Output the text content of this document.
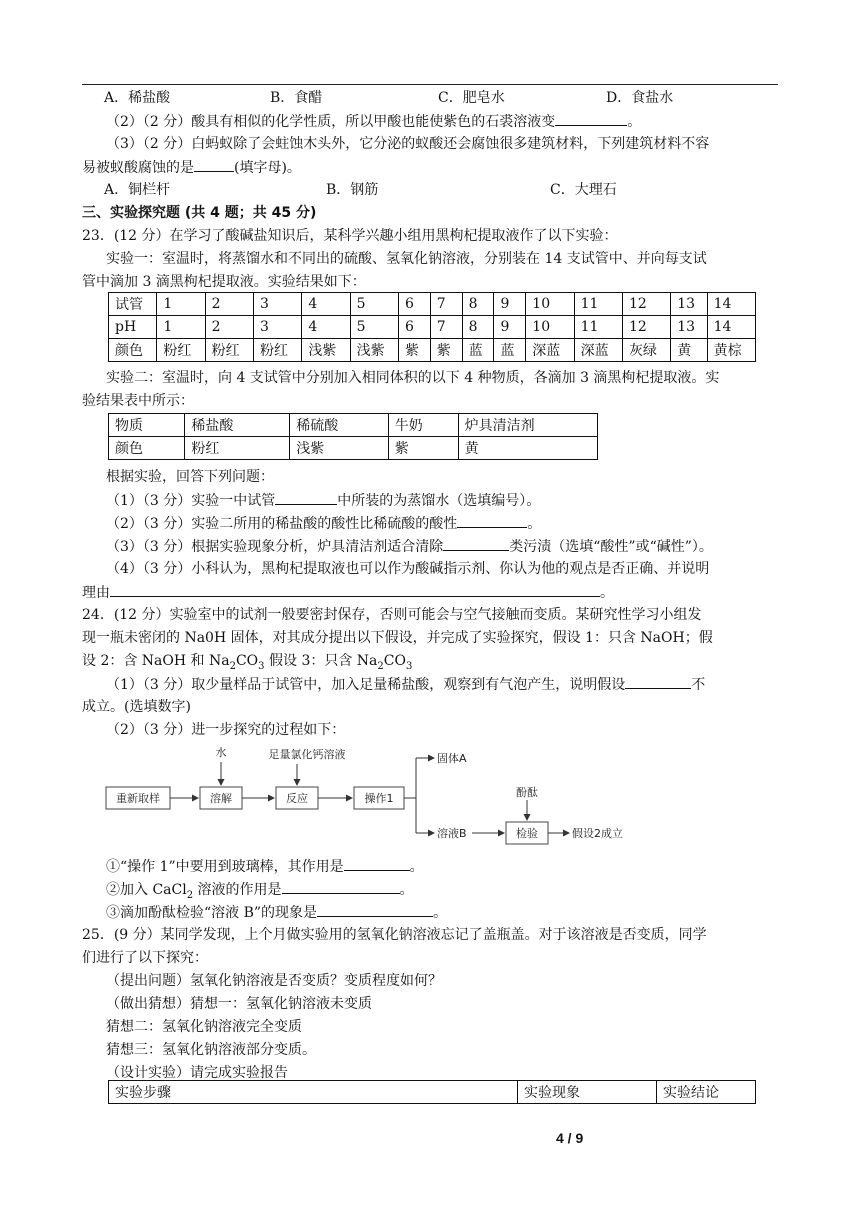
A．稀盐酸	B．食醋	C．肥皂水	D．食盐水
（2）（2 分）酸具有相似的化学性质，所以甲酸也能使紫色的石裘溶液变	。
（3）（2 分）白蚂蚁除了会蛀蚀木头外，它分泌的蚁酸还会腐蚀很多建筑材料，下列建筑材料不容
易被蚁酸腐蚀的是	(填字母)。
A．铜栏杆	B．钢筋	C．大理石
三、实验探究题 (共 4 题；共 45 分)
23．(12 分）在学习了酸碱盐知识后，某科学兴趣小组用黑枸杞提取液作了以下实验：
实验一：室温时，将蒸馏水和不同出的硫酸、氢氧化钠溶液，分别装在 14 支试管中、并向每支试
管中滴加 3 滴黑枸杞提取液。实验结果如下：
试管	1	2	3	4	5	6	7	8	9	10	11	12	13	14
pH	1	2	3	4	5	6	7	8	9	10	11	12	13	14
颜色	粉红	粉红	粉红	浅紫	浅紫	紫	紫	蓝	蓝	深蓝	深蓝	灰绿	黄	黄棕
实验二：室温时，向 4 支试管中分别加入相同体积的以下 4 种物质，各滴加 3 滴黑枸杞提取液。实
验结果表中所示：
物质	稀盐酸	稀硫酸	牛奶	炉具清洁剂
颜色	粉红	浅紫	紫	黄
根据实验，回答下列问题：
（1）（3 分）实验一中试管	中所装的为蒸馏水（选填编号）。
（2）（3 分）实验二所用的稀盐酸的酸性比稀硫酸的酸性	。
（3）（3 分）根据实验现象分析，炉具清洁剂适合清除	类污渍（选填“酸性”或“碱性”）。
（4）（3 分）小科认为，黑枸杞提取液也可以作为酸碱指示剂、你认为他的观点是否正确、并说明
理由	。
24．(12 分）实验室中的试剂一般要密封保存，否则可能会与空气接触而变质。某研究性学习小组发
现一瓶未密闭的 Na0H 固体，对其成分提出以下假设，并完成了实验探究，假设 1：只含 NaOH；假
设 2：含 NaOH 和 $Na_2CO_3$ 假设 3：只含 $Na_2CO_3$
（1）（3 分）取少量样品于试管中，加入足量稀盐酸，观察到有气泡产生，说明假设	不
成立。(选填数字)
（2）（3 分）进一步探究的过程如下：
重新取样	溶解	反应	操作1
检验
水	足量氯化钙溶液	固体A
酚酞
溶液B	假设2成立
①“操作 1”中要用到玻璃棒，其作用是	。
②加入 CaCl$_2$ 溶液的作用是	。
③滴加酚酞检验“溶液 B”的现象是	。
25．(9 分）某同学发现，上个月做实验用的氢氧化钠溶液忘记了盖瓶盖。对于该溶液是否变质，同学
们进行了以下探究：
（提出问题）氢氧化钠溶液是否变质？变质程度如何？
（做出猜想）猜想一：氢氧化钠溶液未变质
猜想二：氢氧化钠溶液完全变质
猜想三：氢氧化钠溶液部分变质。
（设计实验）请完成实验报告
实验步骤	实验现象	实验结论
4 / 9
